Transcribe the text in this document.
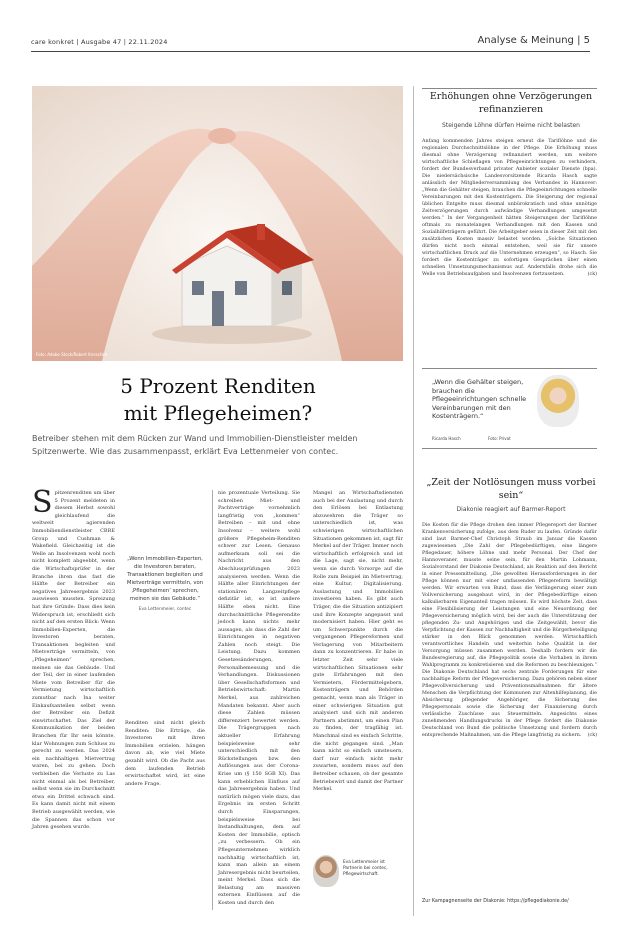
care konkret | Ausgabe 47 | 22.11.2024	Analyse & Meinung | 5
Foto: Adobe Stock/Robert Kneschke
5 Prozent Renditen
mit Pflegeheimen?
Betreiber stehen mit dem Rücken zur Wand und Immobilien-Dienstleister melden Spitzenwerte. Wie das zusammenpasst, erklärt Eva Lettenmeier von contec.
Spitzenrenditen um über 5 Prozent meldeten in diesem Herbst sowohl gleichlaufend die weltweit agierenden Immobiliendienstleister CBRE Group und Cushman & Wakefield. Gleichzeitig ist die Welle an Insolvenzen wohl noch nicht komplett abgeebbt, wenn die Wirtschaftsprüfer in der Branche ihren das fast die Hälfte der Betreiber ein negatives Jahresergebnis 2023 auswiesen mussten. Spreizung hat ihre Gründe: Dass dies kein Widerspruch ist, erschließt sich nicht auf den ersten Blick: Wenn Immobilien-Experten, die Investoren beraten, Transaktionen begleiten und Mietverträge vermitteln, von „Pflegeheimen“ sprechen, meinen sie das Gebäude. Und der Teil, der in einer laufenden Miete vom Betreiber für die Vermietung wirtschaftlich zumutbar nach Ina weiter Einkaufsanteilen selbst wenn der Betreiber ein Defizit einwirtschaftet. Das Ziel der Kommunikation der beiden Branchen für Ihr sein könnte, klar Wohnungen zum Schluss zu gerecht zu werden. Das 2024 ein nachhaltigen Mietvertrag waren, bei zu gehen. Doch verbleiben die Verluste zu Las nicht einmal als bei Betreiber, selbst wenn sie im Durchschnitt etwa ein Drittel schwach sind. Es kann damit nicht mit einem Betrieb ausgewählt werden, wie die Spannen das schon vor Jahren gesehen wurde.
„Wenn Immobilien-Experten, die Investoren beraten, Transaktionen begleiten und Mietverträge vermitteln, von ‚Pflegeheimen‘ sprechen, meinen sie das Gebäude.“
Eva Lettenmeier, contec
Renditen sind nicht gleich Renditen: Die Erträge, die Investoren mit ihren Immobilien erzielen, hängen davon ab, wie viel Miete gezahlt wird. Ob die Pacht aus dem laufenden Betrieb erwirtschaftet wird, ist eine andere Frage.
nie prozentuale Verteilung. Sie schreiben Miet- und Pachtverträge vornehmlich langfristig von „kommen“ Betreiben – mit und ohne Insolvenz – weitere wohl größere Pflegeheim-Renditen schwer zur Lesen. Genauso aufmerksam soll sei die Nachricht aus den Abschlussprüfungen 2023 analysieren werden. Wenn die Hälfte aller Einrichtungen der stationären Langzeitpflege defizitär ist, so ist andere Hälfte eben nicht. Eine durchschnittliche Pflegerendite jedoch kann nichts mehr aussagen, als dass die Zahl der Einrichtungen in negativen Zahlen noch steigt. Die Leistung. Dazu kommen Gesetzesänderungen, Personalbemessung und die Verhandlungen. Diskussionen über Gesellschaftsformen und Betriebswirtschaft: Martin Merkel, aus zahlreichen Mandaten bekannt. Aber auch diese Zahlen müssen differenziert bewertet werden. Die Trägergruppen nach aktueller Erfahrung beispielsweise sehr unterschiedlich mit den Rückstellungen bzw. den Auflösungen aus der Corona-Krise um (§ 150 SGB XI). Das kann erheblichen Einfluss auf das Jahresergebnis haben. Und natürlich mögen viele dazu, das Ergebnis im ersten Schritt durch Einsparungen, beispielsweise bei Instandhaltungen, dem auf Kosten der Immobilie, optisch „zu verbessern. Ob ein Pflegeunternehmen wirklich nachhaltig wirtschaftlich ist, kann man allein an einem Jahresergebnis nicht beurteilen, meint Merkel. Dass sich die Belastung am massiven externen Einflüssen auf die Kosten und durch den
Mangel an Wirtschaftsdiensten auch bei der Auslastung und durch den Erlösen bei Entlastung abzuwehren die Träger so unterschiedlich ist, was schwierigen wirtschaftlichen Situationen gekommen ist, sagt für Merkel auf der Träger. Immer noch wirtschaftlich erfolgreich und ist die Lage, sagt sie, nicht mehr, wenn sie durch Vorsorge auf die Rolle zum Beispiel im Mietvertrag, eine Kultur, Digitalisierung. Auslastung und Immobilien investieren haben. Es gibt auch Träger, die die Situation antizipiert und ihre Konzepte angepasst und modernisiert haben. Hier geht es um Schwerpunkte durch die vergangenen Pflegereformen und Verlagerung von Mitarbeitern dann zu konzentrieren. Er habe in letzter Zeit sehr viele wirtschaftlichen Situationen sehr gute Erfahrungen mit den Vermietern, Fördermittelgebern, Kostenträgern und Behörden gemacht, wenn man als Träger in einer schwierigen Situation gut analysiert und sich mit anderen Partnern abstimmt, um einen Plan zu finden, der tragfähig ist. Manchmal sind es einfach Schritte, die nicht gegangen sind. „Man kann nicht so einfach umsteuern, darf nur einfach nicht mehr zuwarten, sondern muss auf den Betreiber schauen, ob der gesamte Betriebswirt und damit der Partner Merkel.
Eva Lettenmeier ist Partnerin bei contec, Pflegewirtschaft.
Erhöhungen ohne Verzögerungen refinanzieren
Steigende Löhne dürfen Heime nicht belasten
Anfang kommenden Jahres steigen erneut die Tariflöhne und die regionalen Durchschnittslöhne in der Pflege. Die Erhöhung muss diesmal ohne Verzögerung refinanziert werden, um weitere wirtschaftliche Schieflagen von Pflegeeinrichtungen zu verhindern, fordert der Bundesverband privater Anbieter sozialer Dienste (bpa). Die niedersächsische Landesvorsitzende Ricarda Hasch sagte anlässlich der Mitgliederversammlung des Verbandes in Hannover: „Wenn die Gehälter steigen, brauchen die Pflegeeinrichtungen schnelle Vereinbarungen mit den Kostenträgern. Die Steigerung der regional üblichen Entgelte muss diesmal unbürokratisch und ohne unnötige Zeitverzögerungen durch aufwändige Verhandlungen umgesetzt werden.“ In der Vergangenheit hätten Steigerungen der Tariflöhne oftmals zu monatelangen Verhandlungen mit den Kassen und Sozialhilfeträgern geführt. Die Arbeitgeber seien in dieser Zeit mit den zusätzlichen Kosten massiv belastet worden. „Solche Situationen dürfen nicht noch einmal entstehen, weil sie für unsere wirtschaftlichen Druck auf die Unternehmen erzeugen“, so Hasch. Sie fordert die Kostenträger zu sofortigen Gesprächen über einen schnellen Umsetzungsmechanismus auf. Andernfalls drohe sich die Welle von Betriebsaufgaben und Insolvenzen fortzusetzen.	(ck)
„Wenn die Gehälter steigen, brauchen die Pflegeeinrichtungen schnelle Vereinbarungen mit den Kostenträgern.“
Ricarda Hasch	Foto: Privat
„Zeit der Notlösungen muss vorbei sein“
Diakonie reagiert auf Barmer-Report
Die Kosten für die Pflege drohen den immer Pflegereport der Barmer Krankenversicherung zufolge, aus dem Ruder zu laufen. Gründe dafür sind laut Barmer-Chef Christoph Straub im Januar die Kassen zugewiesenen „Die Zahl der Pflegebedürftigen, eine längere Pflegedauer, höhere Löhne und mehr Personal. Der Chef der Hannoveraner, musste seine sein, für den Martin Lohmann, Sozialvorstand der Diakonie Deutschland, als Reaktion auf den Bericht in einer Pressemitteilung. „Die gewollten Herausforderungen in der Pflege können nur mit einer umfassenden Pflegereform bewältigt werden. Wir erwarten von Bund, dass die Verlängerung einer zum Vollversicherung ausgebaut wird, in der Pflegebedürftige einen kalkulierbaren Eigenanteil tragen müssen. Es wird höchste Zeit, dass eine Flexibilisierung der Leistungen und eine Neuordnung der Pflegeversicherung möglich wird, bei der auch die Unterstützung der pflegenden Zu- und Angehörigen und die Zeitgewählt, bevor die Verpflichtung der Kassen zur Nachhaltigkeit und die Bürgerbeteiligung stärker in den Blick genommen werden. Wirtschaftlich verantwortliches Handeln und weiterhin hohe Qualität in der Versorgung müssen zusammen werden. Deshalb fordern wir die Bundesregierung auf, die Pflegepolitik sowie die Vorhaben in ihrem Wahlprogramm zu konkretisieren und die Reformen zu beschleunigen.“ Die Diakonie Deutschland hat sechs zentrale Forderungen für eine nachhaltige Reform der Pflegeversicherung. Dazu gehören neben einer Pflegevollversicherung und Präventionsmaßnahmen für ältere Menschen die Verpflichtung der Kommunen zur Altenhilfeplanung, die Absicherung pflegender Angehöriger, die Sicherung des Pflegepersonals sowie die Sicherung der Finanzierung durch verlässliche Zuschüsse aus Steuermitteln. Angesichts eines zunehmenden Handlungsdrucks in der Pflege fordert die Diakonie Deutschland von Bund die politische Umsetzung und fordern durch entsprechende Maßnahmen, um die Pflege langfristig zu sichern. (ck)
Zur Kampagnenseite der Diakonie: https://pflegediakonie.de/
